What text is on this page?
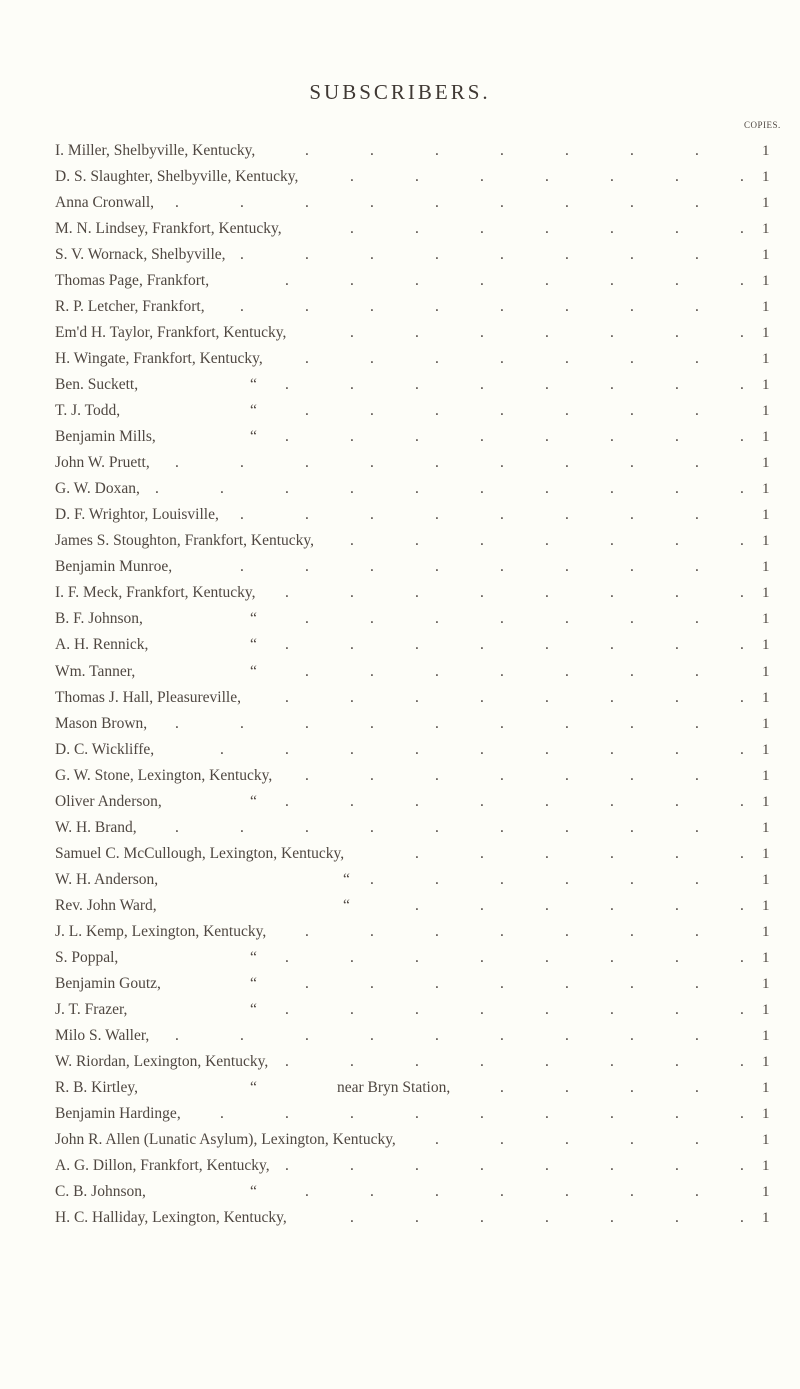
SUBSCRIBERS.
COPIES.
I. Miller, Shelbyville, Kentucky,	1
.
.
.
.
.
.
.
D. S. Slaughter, Shelbyville, Kentucky,	1
.
.
.
.
.
.
.
Anna Cronwall,	1
.
.
.
.
.
.
.
.
.
M. N. Lindsey, Frankfort, Kentucky,	1
.
.
.
.
.
.
.
S. V. Wornack, Shelbyville,	1
.
.
.
.
.
.
.
.
Thomas Page, Frankfort,	1
.
.
.
.
.
.
.
.
R. P. Letcher, Frankfort,	1
.
.
.
.
.
.
.
.
Em'd H. Taylor, Frankfort, Kentucky,	1
.
.
.
.
.
.
.
H. Wingate, Frankfort, Kentucky,	1
.
.
.
.
.
.
.
Ben. Suckett,	“	1
.
.
.
.
.
.
.
.
T. J. Todd,	“	1
.
.
.
.
.
.
.
Benjamin Mills,	“	1
.
.
.
.
.
.
.
.
John W. Pruett,	1
.
.
.
.
.
.
.
.
.
G. W. Doxan,	1
.
.
.
.
.
.
.
.
.
.
D. F. Wrightor, Louisville,	1
.
.
.
.
.
.
.
.
James S. Stoughton, Frankfort, Kentucky,	1
.
.
.
.
.
.
.
Benjamin Munroe,	1
.
.
.
.
.
.
.
.
I. F. Meck, Frankfort, Kentucky,	1
.
.
.
.
.
.
.
.
B. F. Johnson,	“	1
.
.
.
.
.
.
.
A. H. Rennick,	“	1
.
.
.
.
.
.
.
.
Wm. Tanner,	“	1
.
.
.
.
.
.
.
Thomas J. Hall, Pleasureville,	1
.
.
.
.
.
.
.
.
Mason Brown,	1
.
.
.
.
.
.
.
.
.
D. C. Wickliffe,	1
.
.
.
.
.
.
.
.
.
G. W. Stone, Lexington, Kentucky,	1
.
.
.
.
.
.
.
Oliver Anderson,	“	1
.
.
.
.
.
.
.
.
W. H. Brand,	1
.
.
.
.
.
.
.
.
.
Samuel C. McCullough, Lexington, Kentucky,	1
.
.
.
.
.
.
W. H. Anderson,	“	1
.
.
.
.
.
.
Rev. John Ward,	“	1
.
.
.
.
.
.
J. L. Kemp, Lexington, Kentucky,	1
.
.
.
.
.
.
.
S. Poppal,	“	1
.
.
.
.
.
.
.
.
Benjamin Goutz,	“	1
.
.
.
.
.
.
.
J. T. Frazer,	“	1
.
.
.
.
.
.
.
.
Milo S. Waller,	1
.
.
.
.
.
.
.
.
.
W. Riordan, Lexington, Kentucky,	1
.
.
.
.
.
.
.
.
R. B. Kirtley,	“	near Bryn Station,	1
.
.
.
.
Benjamin Hardinge,	1
.
.
.
.
.
.
.
.
.
John R. Allen (Lunatic Asylum), Lexington, Kentucky,	1
.
.
.
.
.
A. G. Dillon, Frankfort, Kentucky,	1
.
.
.
.
.
.
.
.
C. B. Johnson,	“	1
.
.
.
.
.
.
.
H. C. Halliday, Lexington, Kentucky,	1
.
.
.
.
.
.
.
